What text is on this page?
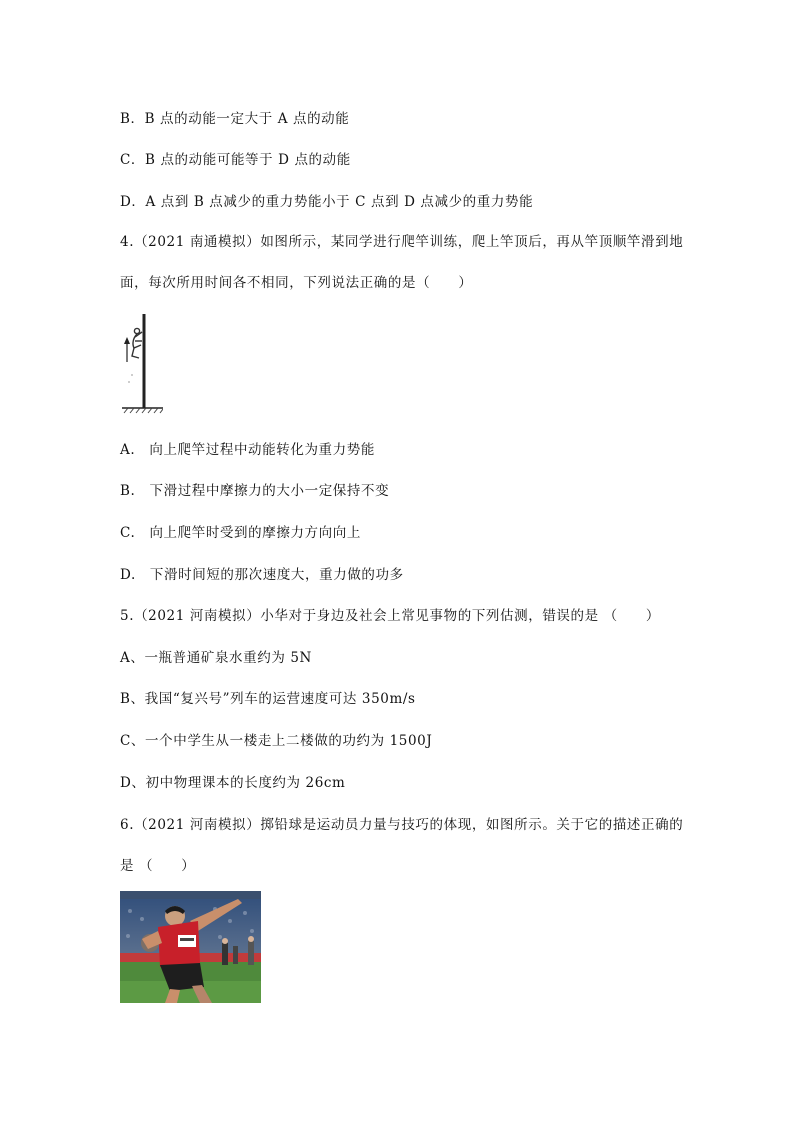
B．B 点的动能一定大于 A 点的动能
C．B 点的动能可能等于 D 点的动能
D．A 点到 B 点减少的重力势能小于 C 点到 D 点减少的重力势能
4.（2021 南通模拟）如图所示，某同学进行爬竿训练，爬上竿顶后，再从竿顶顺竿滑到地
面，每次所用时间各不相同，下列说法正确的是（　　）
A.　向上爬竿过程中动能转化为重力势能
B.　下滑过程中摩擦力的大小一定保持不变
C.　向上爬竿时受到的摩擦力方向向上
D.　下滑时间短的那次速度大，重力做的功多
5.（2021 河南模拟）小华对于身边及社会上常见事物的下列估测，错误的是 （　　）
A、一瓶普通矿泉水重约为 5N
B、我国“复兴号”列车的运营速度可达 350m/s
C、一个中学生从一楼走上二楼做的功约为 1500J
D、初中物理课本的长度约为 26cm
6.（2021 河南模拟）掷铅球是运动员力量与技巧的体现，如图所示。关于它的描述正确的
是 （　　）
